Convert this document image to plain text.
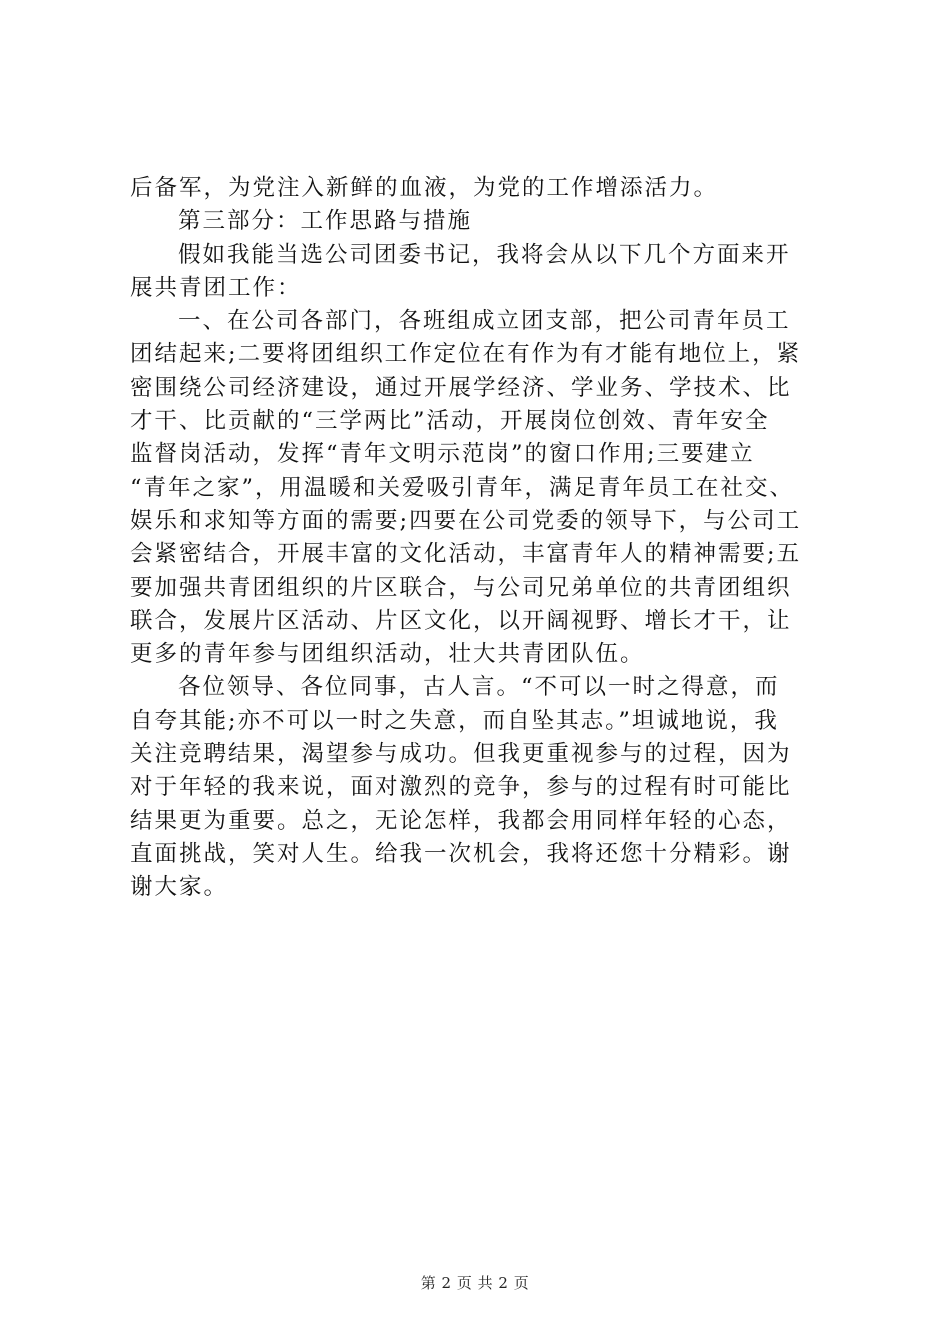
后备军，为党注入新鲜的血液，为党的工作增添活力。
第三部分：工作思路与措施
假如我能当选公司团委书记，我将会从以下几个方面来开
展共青团工作：
一、在公司各部门，各班组成立团支部，把公司青年员工
团结起来;二要将团组织工作定位在有作为有才能有地位上，紧
密围绕公司经济建设，通过开展学经济、学业务、学技术、比
才干、比贡献的“三学两比”活动，开展岗位创效、青年安全
监督岗活动，发挥“青年文明示范岗”的窗口作用;三要建立
“青年之家”，用温暖和关爱吸引青年，满足青年员工在社交、
娱乐和求知等方面的需要;四要在公司党委的领导下，与公司工
会紧密结合，开展丰富的文化活动，丰富青年人的精神需要;五
要加强共青团组织的片区联合，与公司兄弟单位的共青团组织
联合，发展片区活动、片区文化，以开阔视野、增长才干，让
更多的青年参与团组织活动，壮大共青团队伍。
各位领导、各位同事，古人言。“不可以一时之得意，而
自夸其能;亦不可以一时之失意，而自坠其志。”坦诚地说，我
关注竞聘结果，渴望参与成功。但我更重视参与的过程，因为
对于年轻的我来说，面对激烈的竞争，参与的过程有时可能比
结果更为重要。总之，无论怎样，我都会用同样年轻的心态，
直面挑战，笑对人生。给我一次机会，我将还您十分精彩。谢
谢大家。
第 2 页 共 2 页
